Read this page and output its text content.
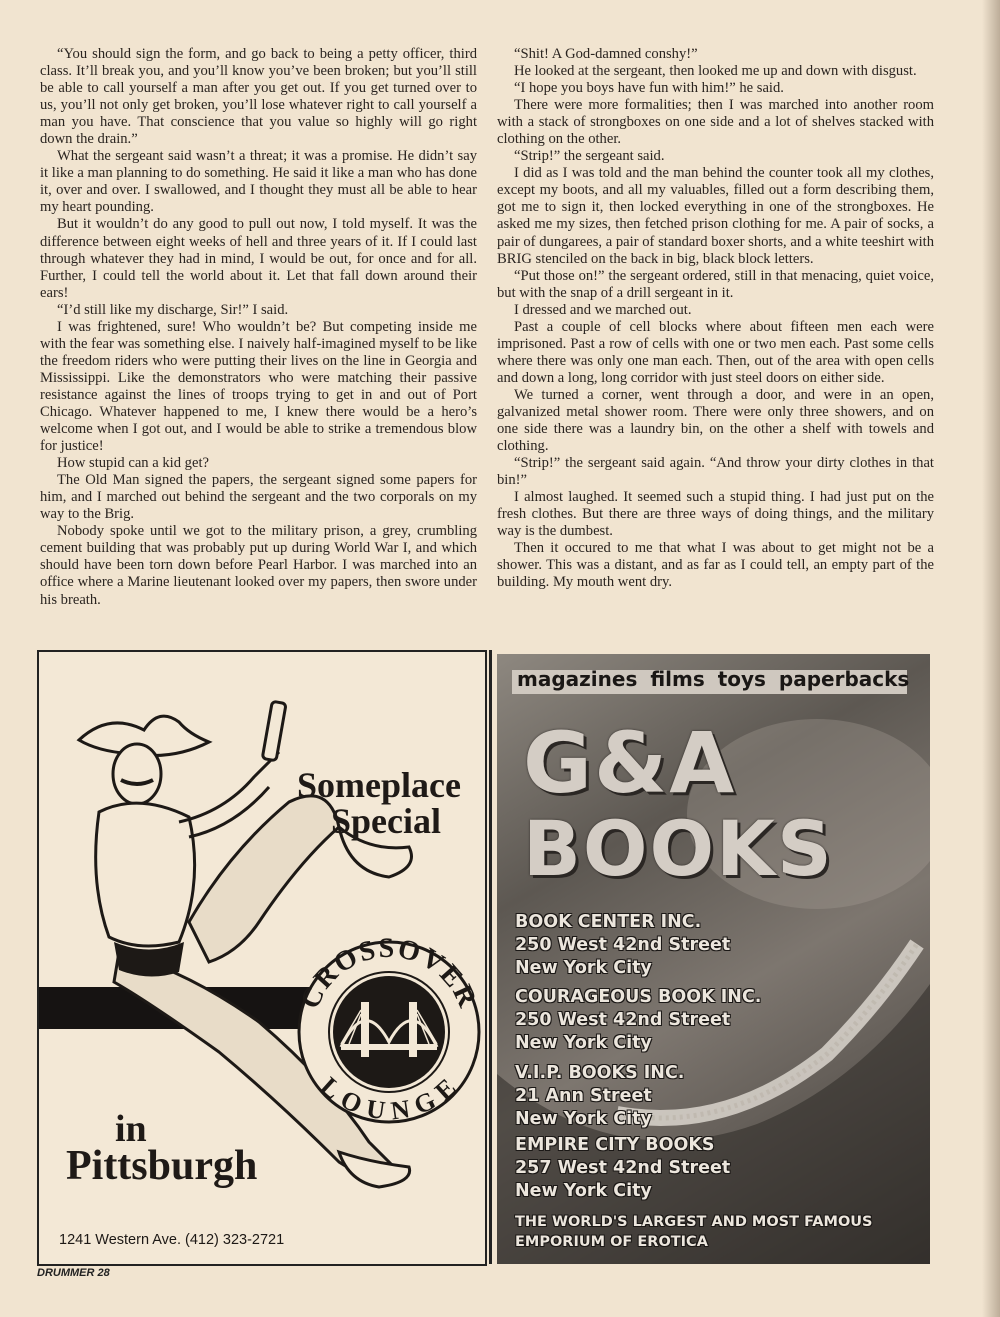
“You should sign the form, and go back to being a petty officer, third class. It’ll break you, and you’ll know you’ve been broken; but you’ll still be able to call yourself a man after you get out. If you get turned over to us, you’ll not only get broken, you’ll lose whatever right to call yourself a man you have. That conscience that you value so highly will go right down the drain.”

What the sergeant said wasn’t a threat; it was a promise. He didn’t say it like a man planning to do something. He said it like a man who has done it, over and over. I swallowed, and I thought they must all be able to hear my heart pounding.

But it wouldn’t do any good to pull out now, I told myself. It was the difference between eight weeks of hell and three years of it. If I could last through whatever they had in mind, I would be out, for once and for all. Further, I could tell the world about it. Let that fall down around their ears!

“I’d still like my discharge, Sir!” I said.

I was frightened, sure! Who wouldn’t be? But competing inside me with the fear was something else. I naively half-imagined myself to be like the freedom riders who were putting their lives on the line in Georgia and Mississippi. Like the demonstrators who were matching their passive resistance against the lines of troops trying to get in and out of Port Chicago. Whatever happened to me, I knew there would be a hero’s welcome when I got out, and I would be able to strike a tremendous blow for justice!

How stupid can a kid get?

The Old Man signed the papers, the sergeant signed some papers for him, and I marched out behind the sergeant and the two corporals on my way to the Brig.

Nobody spoke until we got to the military prison, a grey, crumbling cement building that was probably put up during World War I, and which should have been torn down before Pearl Harbor. I was marched into an office where a Marine lieutenant looked over my papers, then swore under his breath.

“Shit! A God-damned conshy!”

He looked at the sergeant, then looked me up and down with disgust.

“I hope you boys have fun with him!” he said.

There were more formalities; then I was marched into another room with a stack of strongboxes on one side and a lot of shelves stacked with clothing on the other.

“Strip!” the sergeant said.

I did as I was told and the man behind the counter took all my clothes, except my boots, and all my valuables, filled out a form describing them, got me to sign it, then locked everything in one of the strongboxes. He asked me my sizes, then fetched prison clothing for me. A pair of socks, a pair of dungarees, a pair of standard boxer shorts, and a white teeshirt with BRIG stenciled on the back in big, black block letters.

“Put those on!” the sergeant ordered, still in that menacing, quiet voice, but with the snap of a drill sergeant in it.

I dressed and we marched out.

Past a couple of cell blocks where about fifteen men each were imprisoned. Past a row of cells with one or two men each. Past some cells where there was only one man each. Then, out of the area with open cells and down a long, long corridor with just steel doors on either side.

We turned a corner, went through a door, and were in an open, galvanized metal shower room. There were only three showers, and on one side there was a laundry bin, on the other a shelf with towels and clothing.

“Strip!” the sergeant said again. “And throw your dirty clothes in that bin!”

I almost laughed. It seemed such a stupid thing. I had just put on the fresh clothes. But there are three ways of doing things, and the military way is the dumbest.

Then it occured to me that what I was about to get might not be a shower. This was a distant, and as far as I could tell, an empty part of the building. My mouth went dry.

CROSSOVER
LOUNGE
Someplace
Special
in
Pittsburgh
1241 Western Ave. (412) 323-2721
magazines films toys paperbacks
G&A
BOOKS
BOOK CENTER INC.
250 West 42nd Street
New York City
COURAGEOUS BOOK INC.
250 West 42nd Street
New York City
V.I.P. BOOKS INC.
21 Ann Street
New York City
EMPIRE CITY BOOKS
257 West 42nd Street
New York City
THE WORLD'S LARGEST AND MOST FAMOUS
EMPORIUM OF EROTICA
DRUMMER 28
